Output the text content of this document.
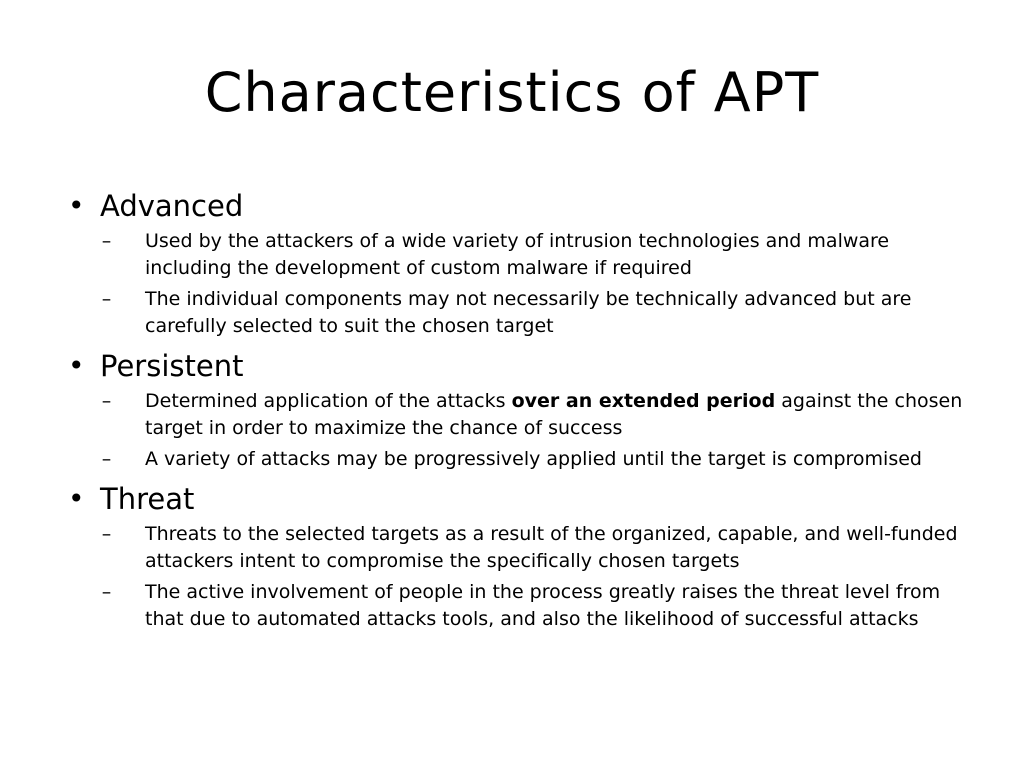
Characteristics of APT
• Advanced
–	Used by the attackers of a wide variety of intrusion technologies and malware including the development of custom malware if required
–	The individual components may not necessarily be technically advanced but are carefully selected to suit the chosen target
• Persistent
–	Determined application of the attacks over an extended period against the chosen target in order to maximize the chance of success
–	A variety of attacks may be progressively applied until the target is compromised
• Threat
–	Threats to the selected targets as a result of the organized, capable, and well-funded attackers intent to compromise the specifically chosen targets
–	The active involvement of people in the process greatly raises the threat level from that due to automated attacks tools, and also the likelihood of successful attacks
